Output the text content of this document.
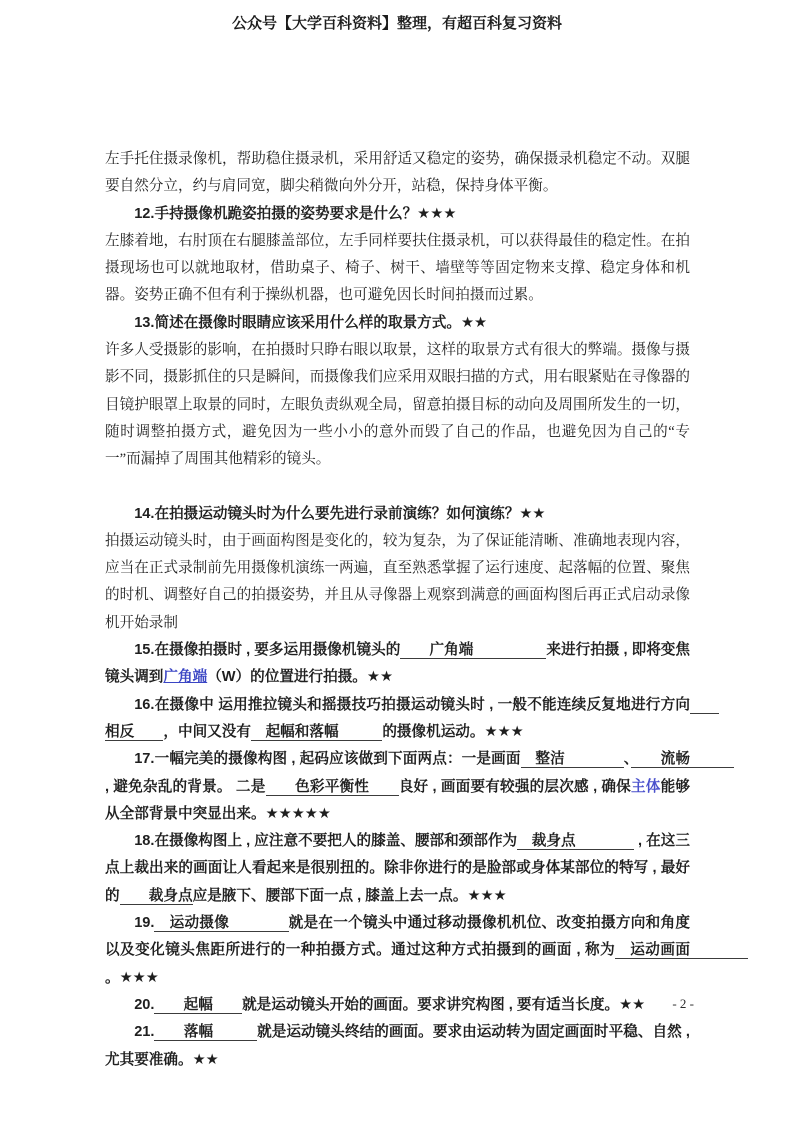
公众号【大学百科资料】整理，有超百科复习资料

左手托住摄录像机，帮助稳住摄录机，采用舒适又稳定的姿势，确保摄录机稳定不动。双腿要自然分立，约与肩同宽，脚尖稍微向外分开，站稳，保持身体平衡。

12.手持摄像机跪姿拍摄的姿势要求是什么？★★★

左膝着地，右肘顶在右腿膝盖部位，左手同样要扶住摄录机，可以获得最佳的稳定性。在拍摄现场也可以就地取材，借助桌子、椅子、树干、墙壁等等固定物来支撑、稳定身体和机器。姿势正确不但有利于操纵机器，也可避免因长时间拍摄而过累。

13.简述在摄像时眼睛应该采用什么样的取景方式。★★

许多人受摄影的影响，在拍摄时只睁右眼以取景，这样的取景方式有很大的弊端。摄像与摄影不同，摄影抓住的只是瞬间，而摄像我们应采用双眼扫描的方式，用右眼紧贴在寻像器的目镜护眼罩上取景的同时，左眼负责纵观全局，留意拍摄目标的动向及周围所发生的一切，随时调整拍摄方式，避免因为一些小小的意外而毁了自己的作品，也避免因为自己的“专一”而漏掉了周围其他精彩的镜头。

14.在拍摄运动镜头时为什么要先进行录前演练？如何演练？★★

拍摄运动镜头时，由于画面构图是变化的，较为复杂，为了保证能清晰、准确地表现内容，应当在正式录制前先用摄像机演练一两遍，直至熟悉掌握了运行速度、起落幅的位置、聚焦的时机、调整好自己的拍摄姿势，并且从寻像器上观察到满意的画面构图后再正式启动录像机开始录制

15.在摄像拍摄时 , 要多运用摄像机镜头的　　广角端　　　　　来进行拍摄 , 即将变焦镜头调到广角端（W）的位置进行拍摄。★★

16.在摄像中 运用推拉镜头和摇摄技巧拍摄运动镜头时 , 一般不能连续反复地进行方向　　相反　　，中间又没有　起幅和落幅　　　的摄像机运动。★★★

17.一幅完美的摄像构图 , 起码应该做到下面两点：一是画面　整洁　　　　、　　流畅　　　 , 避免杂乱的背景。 二是　　色彩平衡性　　良好 , 画面要有较强的层次感 , 确保主体能够从全部背景中突显出来。★★★★★

18.在摄像构图上 , 应注意不要把人的膝盖、腰部和颈部作为　裁身点　　　　 , 在这三点上裁出来的画面让人看起来是很别扭的。除非你进行的是脸部或身体某部位的特写 , 最好的　　裁身点应是腋下、腰部下面一点 , 膝盖上去一点。★★★

19.　运动摄像　　　　就是在一个镜头中通过移动摄像机机位、改变拍摄方向和角度以及变化镜头焦距所进行的一种拍摄方式。通过这种方式拍摄到的画面 , 称为　运动画面　　　　。★★★

20.　　起幅　　就是运动镜头开始的画面。要求讲究构图 , 要有适当长度。★★

21.　　落幅　　　就是运动镜头终结的画面。要求由运动转为固定画面时平稳、自然 , 尤其要准确。★★

- 2 -
